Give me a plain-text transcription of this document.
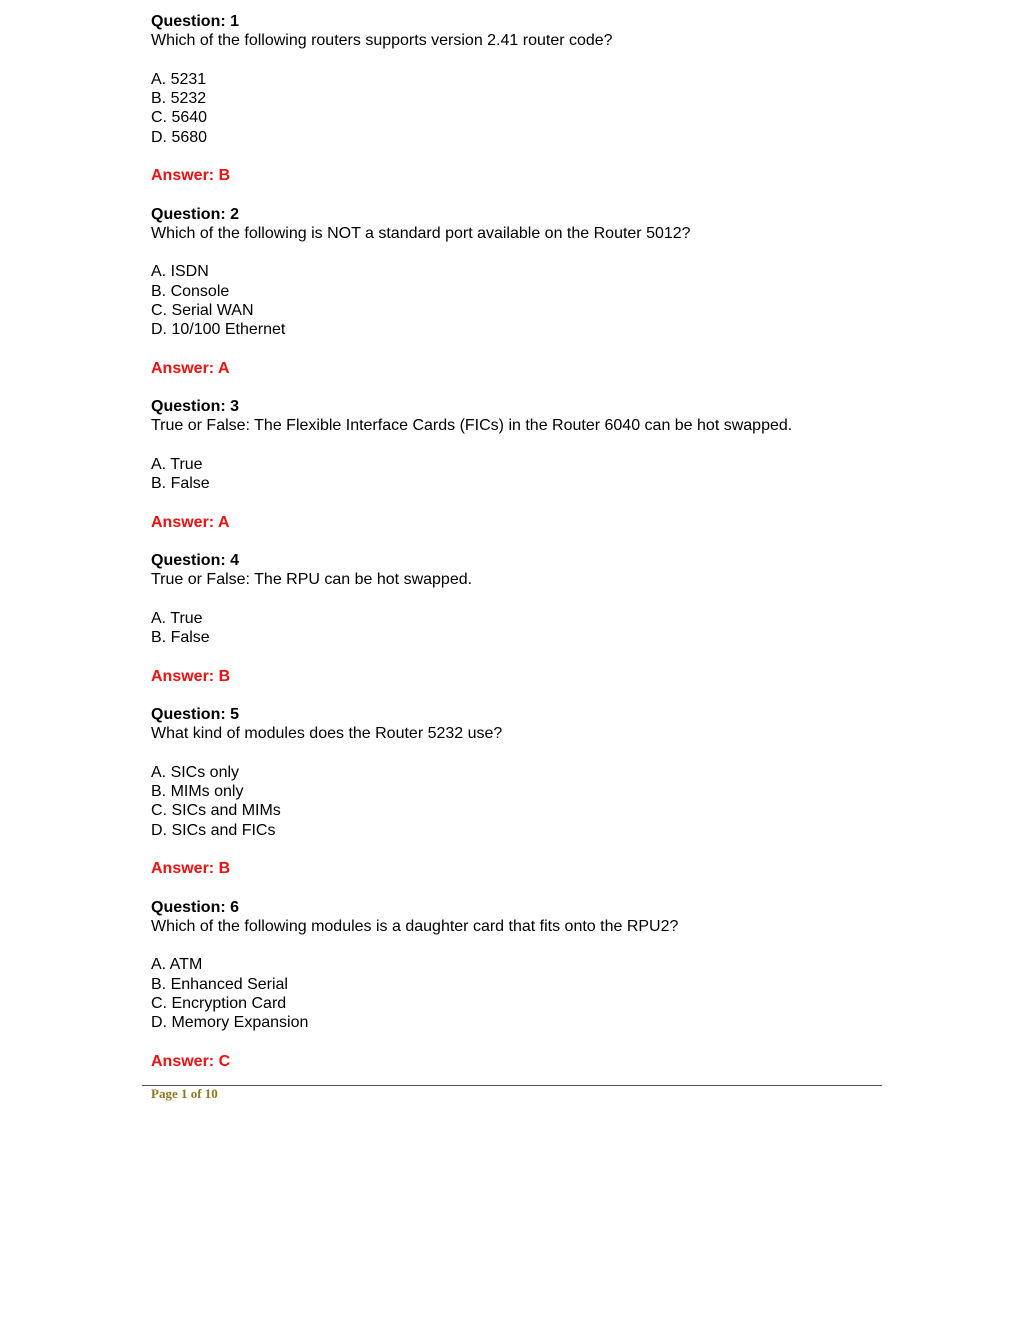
Question: 1
Which of the following routers supports version 2.41 router code?
A. 5231
B. 5232
C. 5640
D. 5680
Answer: B
Question: 2
Which of the following is NOT a standard port available on the Router 5012?
A. ISDN
B. Console
C. Serial WAN
D. 10/100 Ethernet
Answer: A
Question: 3
True or False: The Flexible Interface Cards (FICs) in the Router 6040 can be hot swapped.
A. True
B. False
Answer: A
Question: 4
True or False: The RPU can be hot swapped.
A. True
B. False
Answer: B
Question: 5
What kind of modules does the Router 5232 use?
A. SICs only
B. MIMs only
C. SICs and MIMs
D. SICs and FICs
Answer: B
Question: 6
Which of the following modules is a daughter card that fits onto the RPU2?
A. ATM
B. Enhanced Serial
C. Encryption Card
D. Memory Expansion
Answer: C
Page 1 of 10
